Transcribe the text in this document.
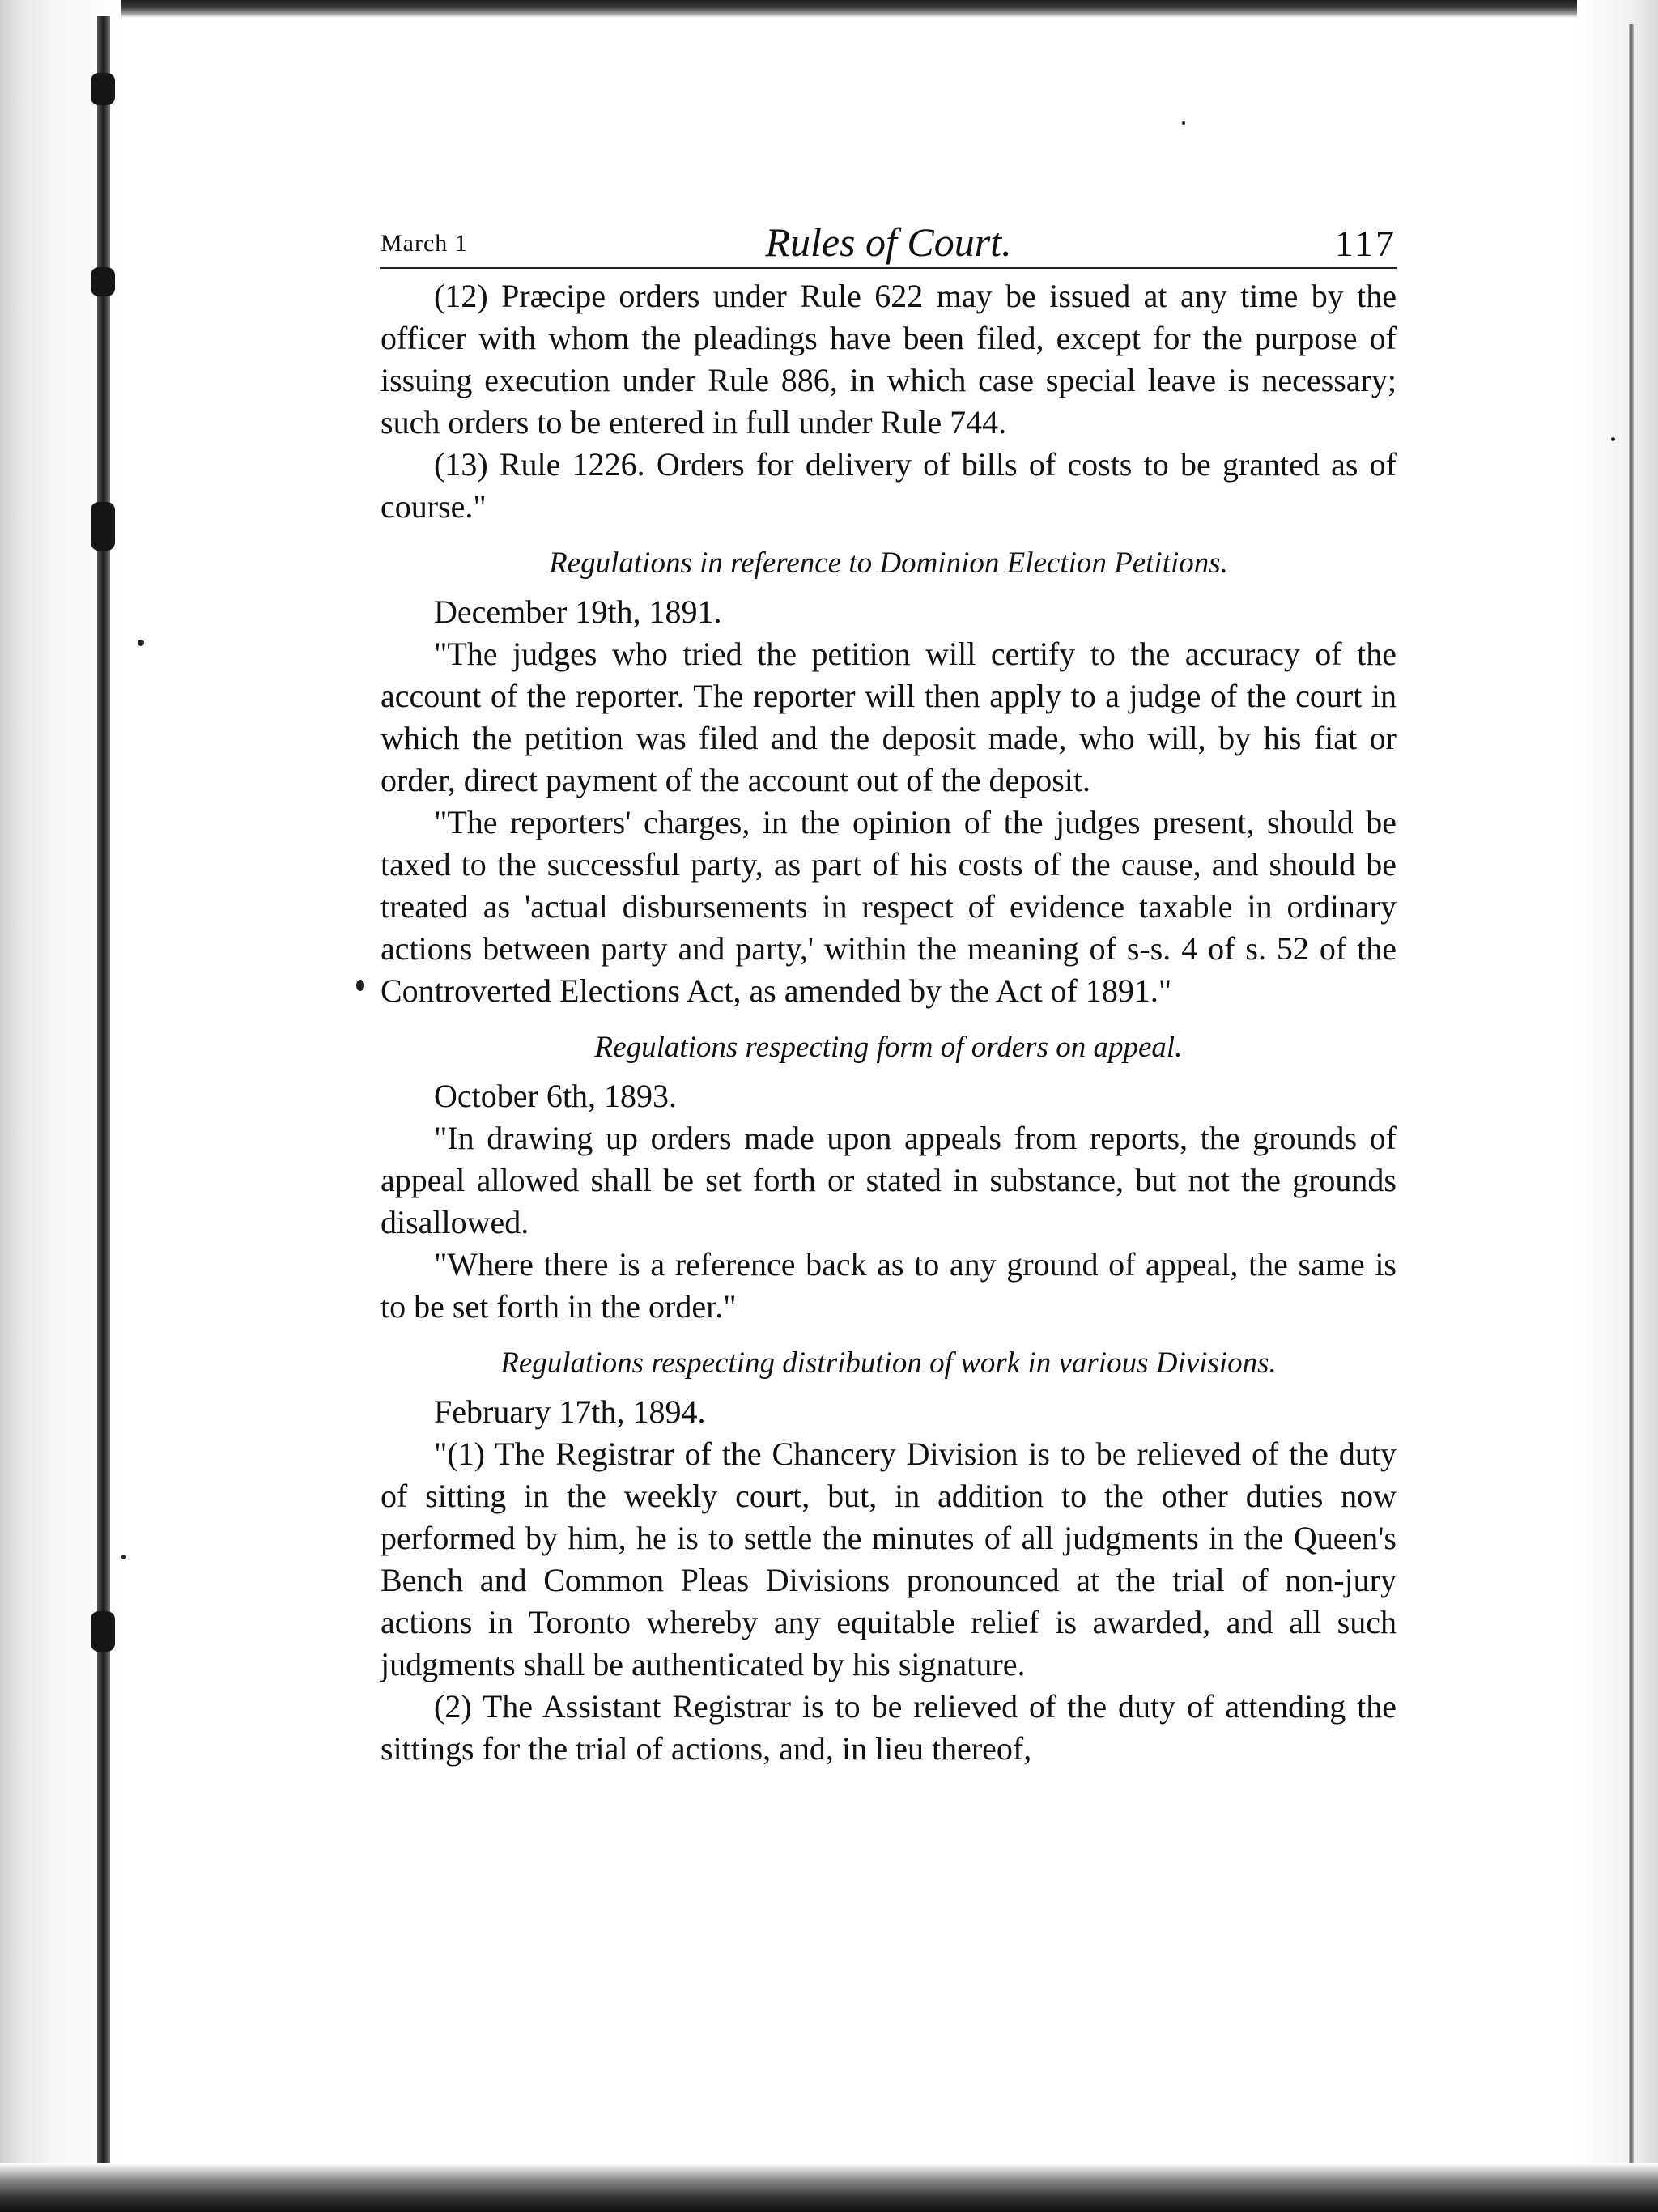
March 1	Rules of Court.	117

(12) Præcipe orders under Rule 622 may be issued at any time by the officer with whom the pleadings have been filed, except for the purpose of issuing execution under Rule 886, in which case special leave is necessary; such orders to be entered in full under Rule 744.

(13) Rule 1226. Orders for delivery of bills of costs to be granted as of course."

Regulations in reference to Dominion Election Petitions.

December 19th, 1891.

"The judges who tried the petition will certify to the accuracy of the account of the reporter. The reporter will then apply to a judge of the court in which the petition was filed and the deposit made, who will, by his fiat or order, direct payment of the account out of the deposit.

"The reporters' charges, in the opinion of the judges present, should be taxed to the successful party, as part of his costs of the cause, and should be treated as 'actual disbursements in respect of evidence taxable in ordinary actions between party and party,' within the meaning of s-s. 4 of s. 52 of the Controverted Elections Act, as amended by the Act of 1891."

Regulations respecting form of orders on appeal.

October 6th, 1893.

"In drawing up orders made upon appeals from reports, the grounds of appeal allowed shall be set forth or stated in substance, but not the grounds disallowed.

"Where there is a reference back as to any ground of appeal, the same is to be set forth in the order."

Regulations respecting distribution of work in various Divisions.

February 17th, 1894.

"(1) The Registrar of the Chancery Division is to be relieved of the duty of sitting in the weekly court, but, in addition to the other duties now performed by him, he is to settle the minutes of all judgments in the Queen's Bench and Common Pleas Divisions pronounced at the trial of non-jury actions in Toronto whereby any equitable relief is awarded, and all such judgments shall be authenticated by his signature.

(2) The Assistant Registrar is to be relieved of the duty of attending the sittings for the trial of actions, and, in lieu thereof,
